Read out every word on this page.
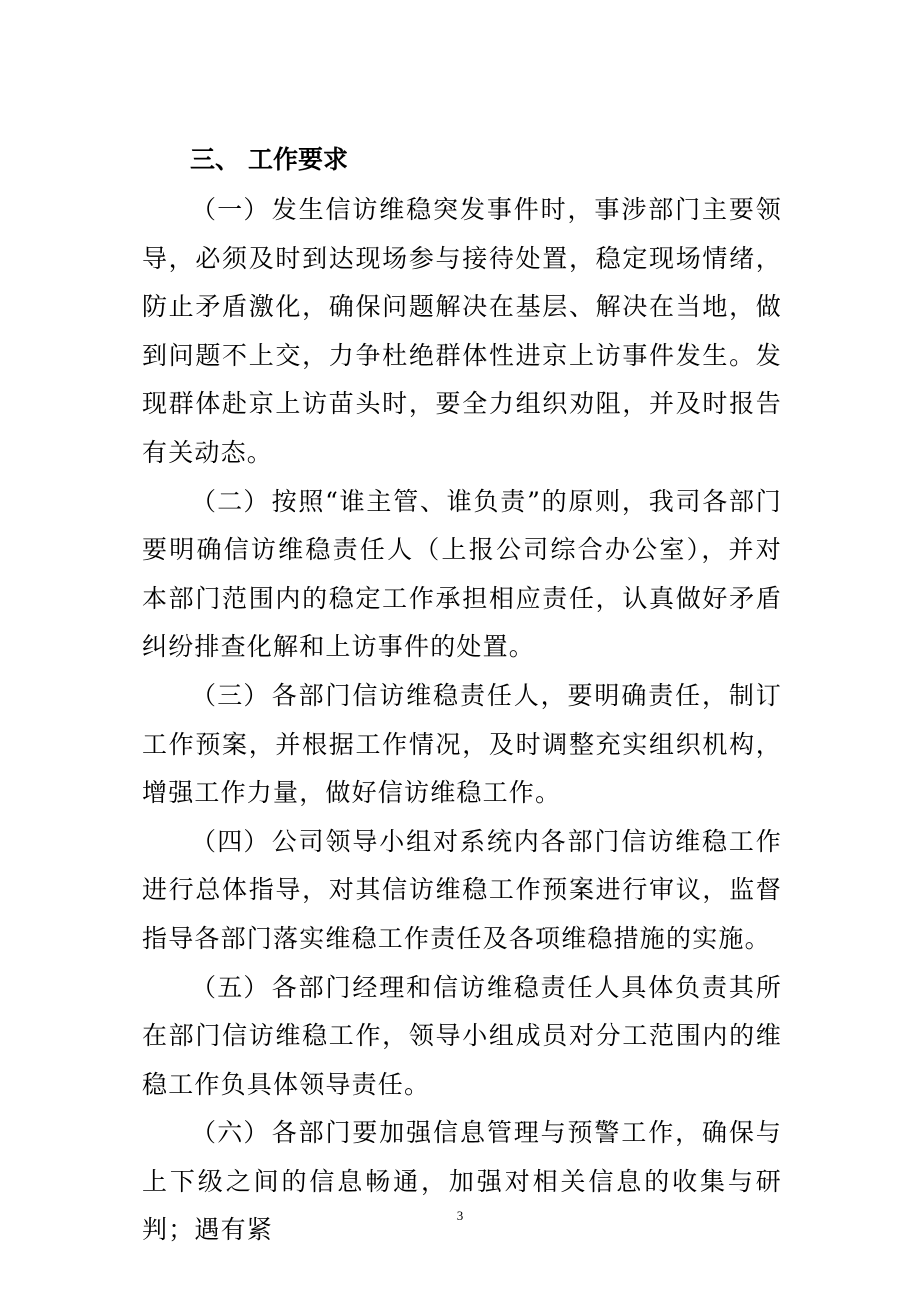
三、 工作要求

（一）发生信访维稳突发事件时，事涉部门主要领导，必须及时到达现场参与接待处置，稳定现场情绪，防止矛盾激化，确保问题解决在基层、解决在当地，做到问题不上交，力争杜绝群体性进京上访事件发生。发现群体赴京上访苗头时，要全力组织劝阻，并及时报告有关动态。

（二）按照“谁主管、谁负责”的原则，我司各部门要明确信访维稳责任人（上报公司综合办公室），并对本部门范围内的稳定工作承担相应责任，认真做好矛盾纠纷排查化解和上访事件的处置。

（三）各部门信访维稳责任人，要明确责任，制订工作预案，并根据工作情况，及时调整充实组织机构，增强工作力量，做好信访维稳工作。

（四）公司领导小组对系统内各部门信访维稳工作进行总体指导，对其信访维稳工作预案进行审议，监督指导各部门落实维稳工作责任及各项维稳措施的实施。

（五）各部门经理和信访维稳责任人具体负责其所在部门信访维稳工作，领导小组成员对分工范围内的维稳工作负具体领导责任。

（六）各部门要加强信息管理与预警工作，确保与上下级之间的信息畅通，加强对相关信息的收集与研判；遇有紧	3
